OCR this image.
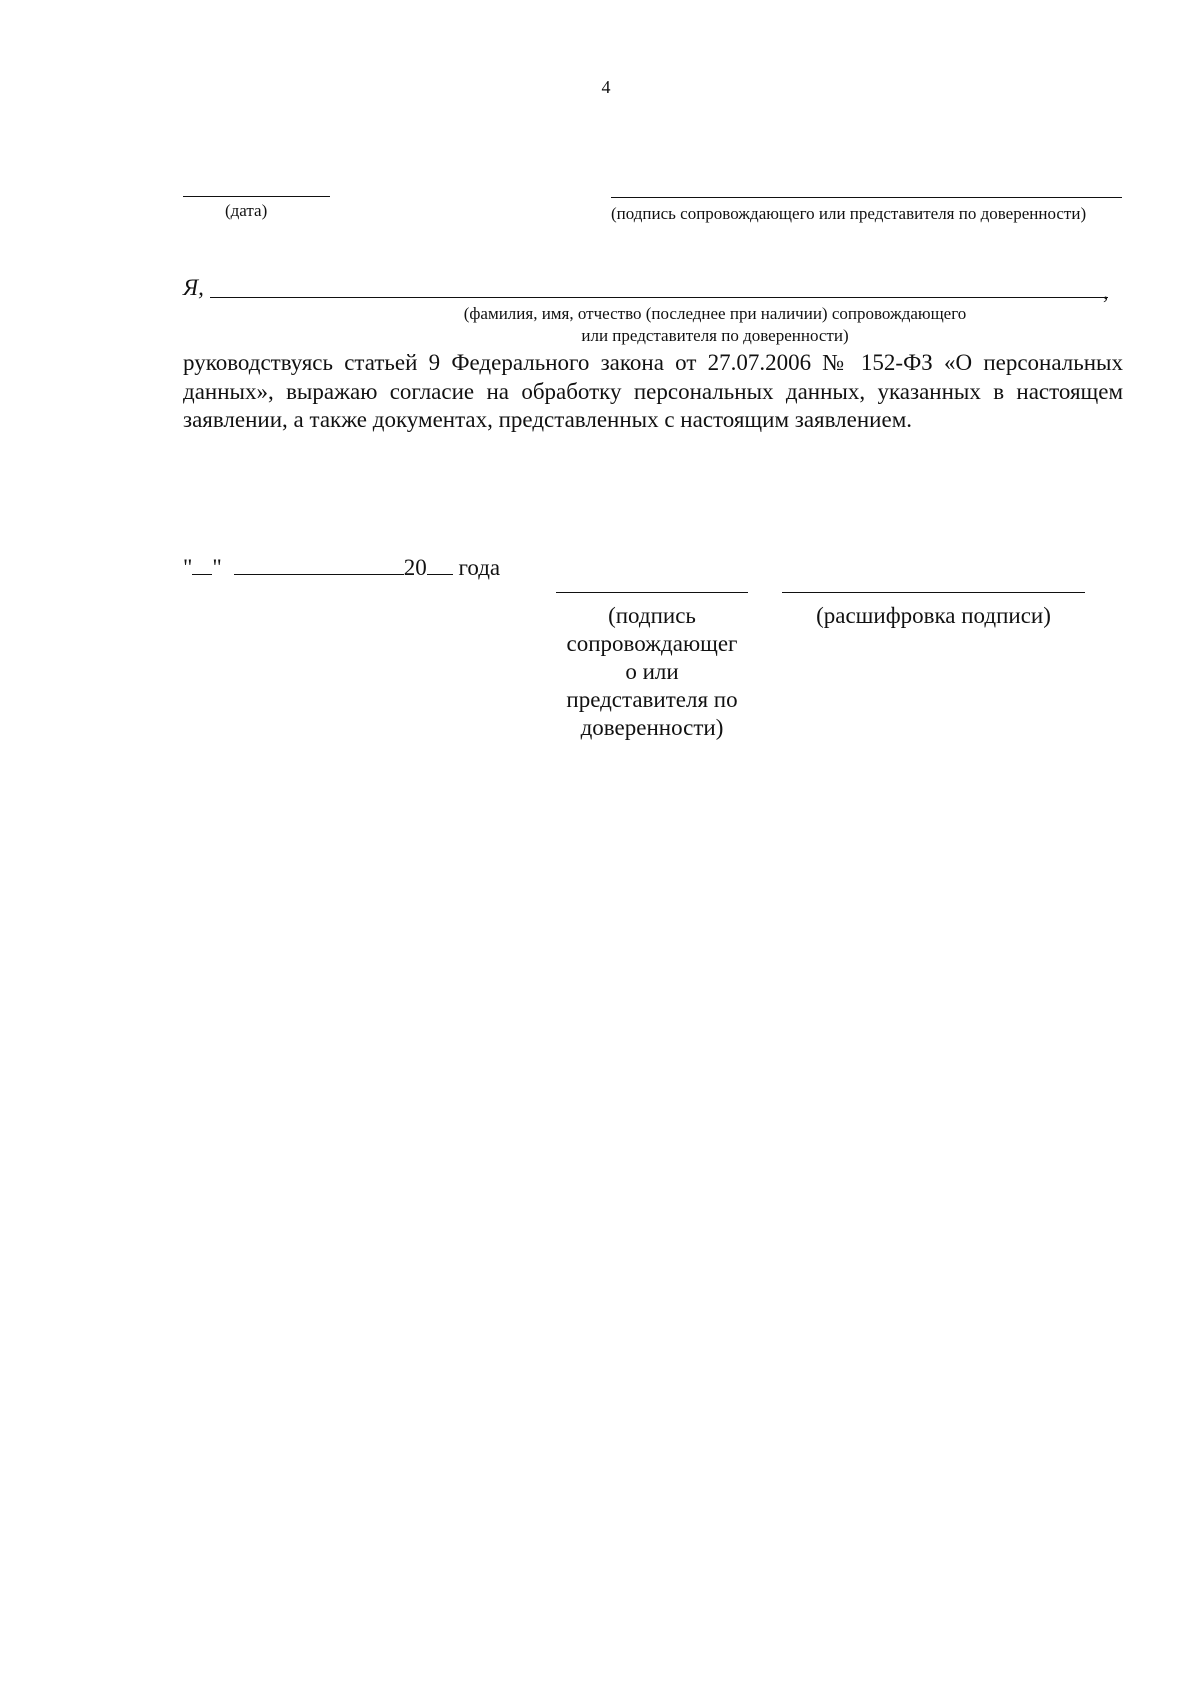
4
(дата)	(подпись сопровождающего или представителя по доверенности)
Я,	,
(фамилия, имя, отчество (последнее при наличии) сопровождающего
или представителя по доверенности)
руководствуясь статьей 9 Федерального закона от 27.07.2006 № 152-ФЗ «О персональных данных», выражаю согласие на обработку персональных данных, указанных в настоящем заявлении, а также документах, представленных с настоящим заявлением.
" "	20 года
(подпись
сопровождающег
о или
представителя по
доверенности)
(расшифровка подписи)
